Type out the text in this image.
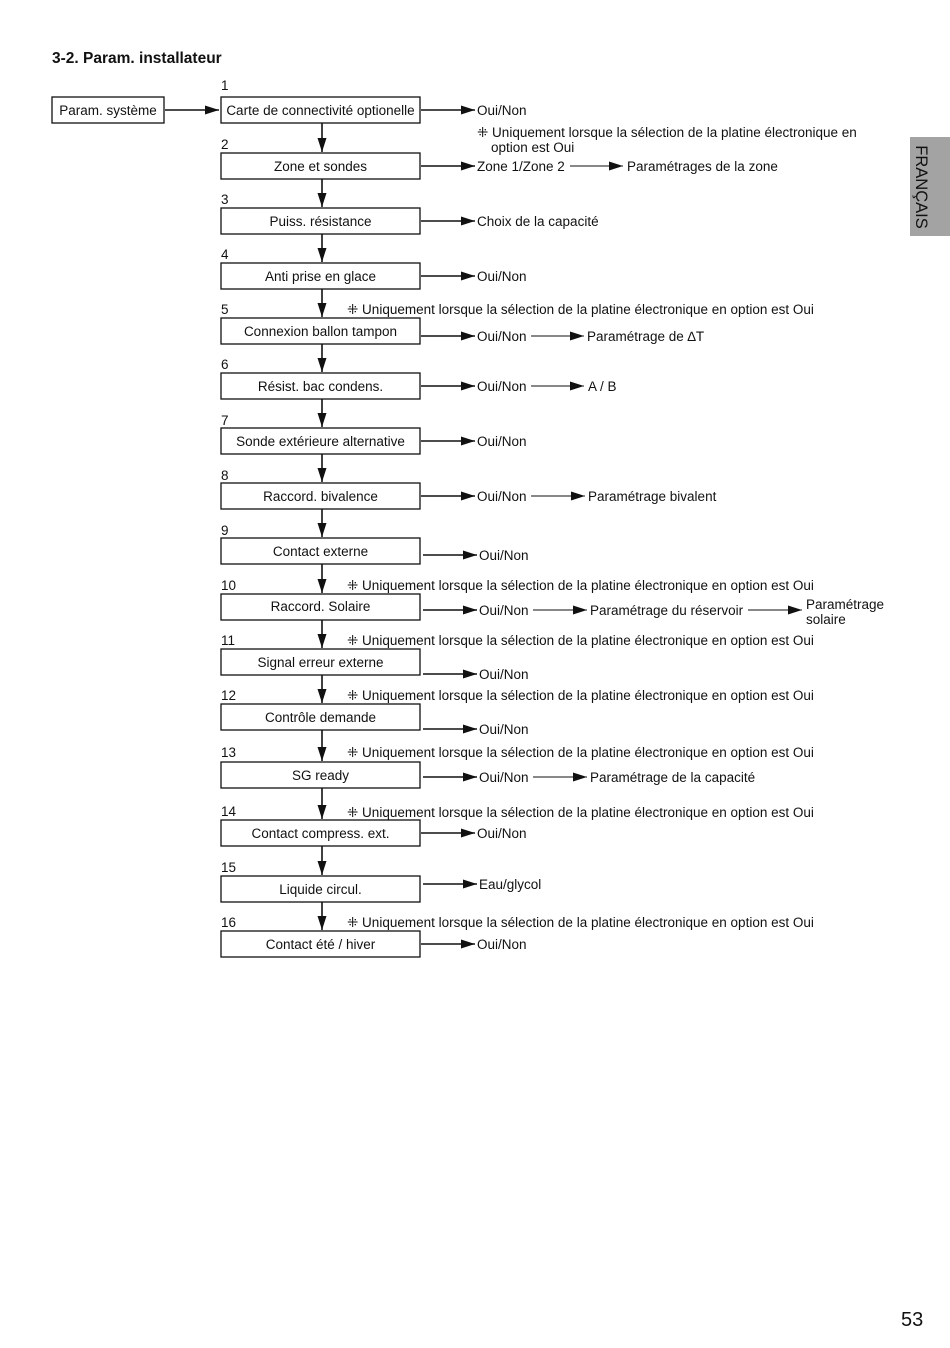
3-2. Param. installateur
FRANÇAIS
Param. système
1
Carte de connectivité optionelle	Oui/Non
⁜ Uniquement lorsque la sélection de la platine électronique en
option est Oui
2
Zone et sondes	Zone 1/Zone 2	Paramétrages de la zone
3
Puiss. résistance	Choix de la capacité
4
Anti prise en glace	Oui/Non
5	⁜ Uniquement lorsque la sélection de la platine électronique en option est Oui
Connexion ballon tampon	Oui/Non	Paramétrage de ∆T
6
Résist. bac condens.	Oui/Non	A / B
7
Sonde extérieure alternative	Oui/Non
8
Raccord. bivalence	Oui/Non	Paramétrage bivalent
9
Contact externe	Oui/Non
10	⁜ Uniquement lorsque la sélection de la platine électronique en option est Oui
Raccord. Solaire	Oui/Non	Paramétrage du réservoir	Paramétrage
solaire
11	⁜ Uniquement lorsque la sélection de la platine électronique en option est Oui
Signal erreur externe
Oui/Non
12	⁜ Uniquement lorsque la sélection de la platine électronique en option est Oui
Contrôle demande
Oui/Non
13	⁜ Uniquement lorsque la sélection de la platine électronique en option est Oui
SG ready	Oui/Non	Paramétrage de la capacité
14	⁜ Uniquement lorsque la sélection de la platine électronique en option est Oui
Contact compress. ext.	Oui/Non
15
Liquide circul.	Eau/glycol
16	⁜ Uniquement lorsque la sélection de la platine électronique en option est Oui
Contact été / hiver	Oui/Non
53
